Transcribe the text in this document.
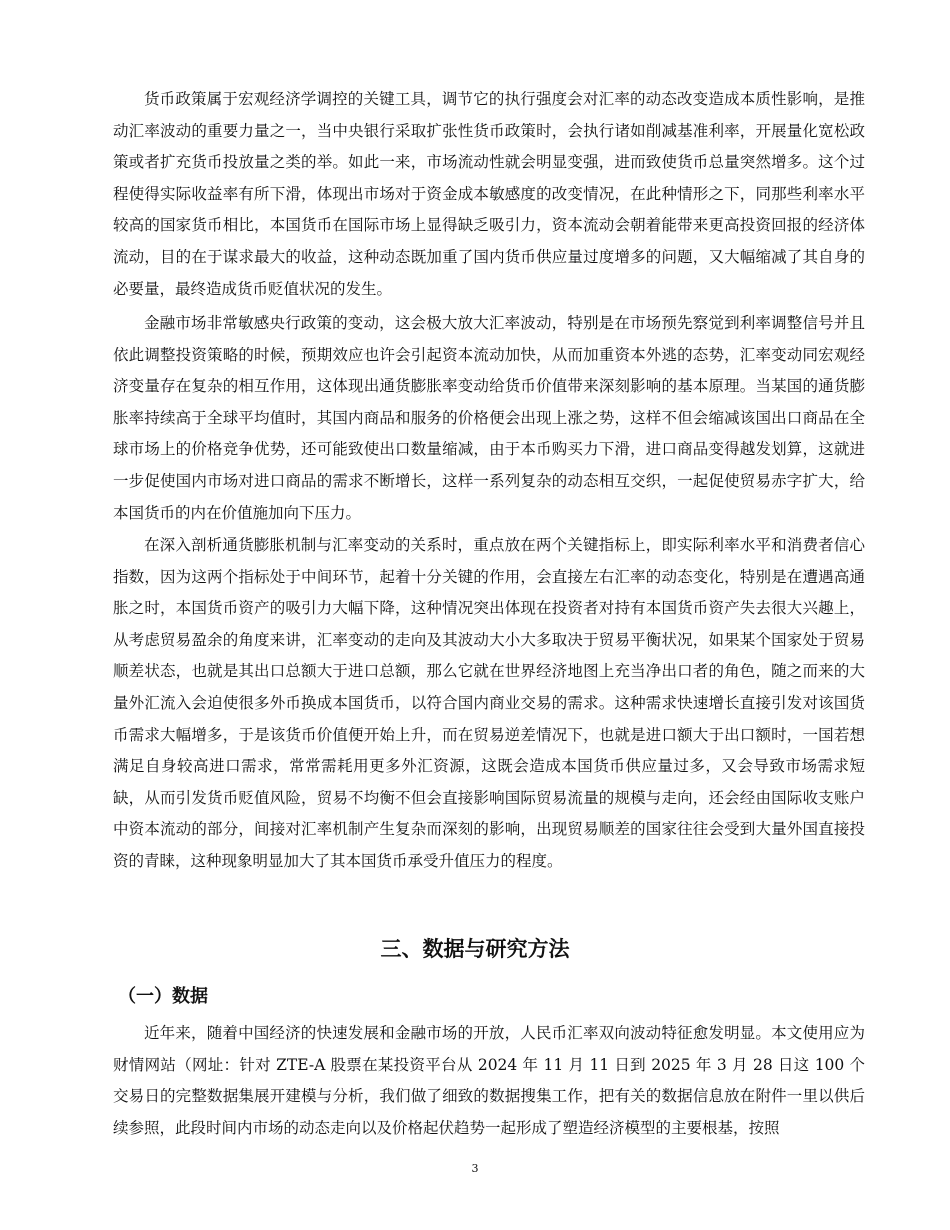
货币政策属于宏观经济学调控的关键工具，调节它的执行强度会对汇率的动态改变造成本质性影响，是推动汇率波动的重要力量之一，当中央银行采取扩张性货币政策时，会执行诸如削减基准利率，开展量化宽松政策或者扩充货币投放量之类的举。如此一来，市场流动性就会明显变强，进而致使货币总量突然增多。这个过程使得实际收益率有所下滑，体现出市场对于资金成本敏感度的改变情况，在此种情形之下，同那些利率水平较高的国家货币相比，本国货币在国际市场上显得缺乏吸引力，资本流动会朝着能带来更高投资回报的经济体流动，目的在于谋求最大的收益，这种动态既加重了国内货币供应量过度增多的问题，又大幅缩减了其自身的必要量，最终造成货币贬值状况的发生。

金融市场非常敏感央行政策的变动，这会极大放大汇率波动，特别是在市场预先察觉到利率调整信号并且依此调整投资策略的时候，预期效应也许会引起资本流动加快，从而加重资本外逃的态势，汇率变动同宏观经济变量存在复杂的相互作用，这体现出通货膨胀率变动给货币价值带来深刻影响的基本原理。当某国的通货膨胀率持续高于全球平均值时，其国内商品和服务的价格便会出现上涨之势，这样不但会缩减该国出口商品在全球市场上的价格竞争优势，还可能致使出口数量缩减，由于本币购买力下滑，进口商品变得越发划算，这就进一步促使国内市场对进口商品的需求不断增长，这样一系列复杂的动态相互交织，一起促使贸易赤字扩大，给本国货币的内在价值施加向下压力。

在深入剖析通货膨胀机制与汇率变动的关系时，重点放在两个关键指标上，即实际利率水平和消费者信心指数，因为这两个指标处于中间环节，起着十分关键的作用，会直接左右汇率的动态变化，特别是在遭遇高通胀之时，本国货币资产的吸引力大幅下降，这种情况突出体现在投资者对持有本国货币资产失去很大兴趣上，从考虑贸易盈余的角度来讲，汇率变动的走向及其波动大小大多取决于贸易平衡状况，如果某个国家处于贸易顺差状态，也就是其出口总额大于进口总额，那么它就在世界经济地图上充当净出口者的角色，随之而来的大量外汇流入会迫使很多外币换成本国货币，以符合国内商业交易的需求。这种需求快速增长直接引发对该国货币需求大幅增多，于是该货币价值便开始上升，而在贸易逆差情况下，也就是进口额大于出口额时，一国若想满足自身较高进口需求，常常需耗用更多外汇资源，这既会造成本国货币供应量过多，又会导致市场需求短缺，从而引发货币贬值风险，贸易不均衡不但会直接影响国际贸易流量的规模与走向，还会经由国际收支账户中资本流动的部分，间接对汇率机制产生复杂而深刻的影响，出现贸易顺差的国家往往会受到大量外国直接投资的青睐，这种现象明显加大了其本国货币承受升值压力的程度。

三、数据与研究方法
（一）数据

近年来，随着中国经济的快速发展和金融市场的开放，人民币汇率双向波动特征愈发明显。本文使用应为财情网站（网址：针对 ZTE-A 股票在某投资平台从 2024 年 11 月 11 日到 2025 年 3 月 28 日这 100 个交易日的完整数据集展开建模与分析，我们做了细致的数据搜集工作，把有关的数据信息放在附件一里以供后续参照，此段时间内市场的动态走向以及价格起伏趋势一起形成了塑造经济模型的主要根基，按照

3
